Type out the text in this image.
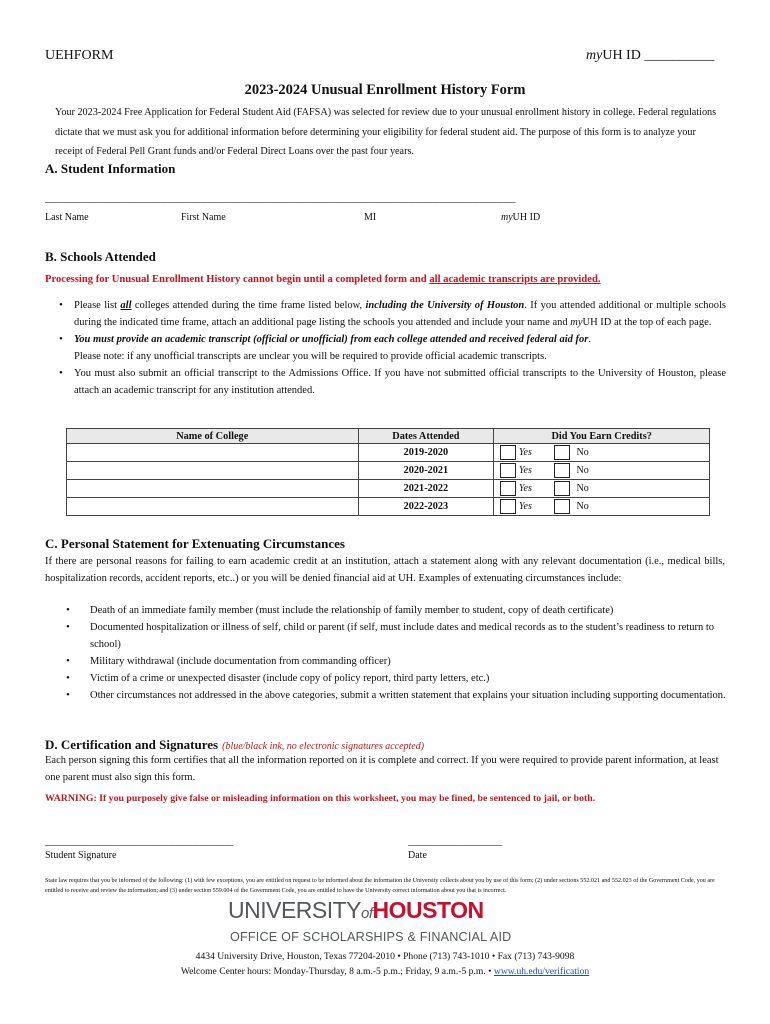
UEHFORM	myUH ID __________
2023-2024 Unusual Enrollment History Form
Your 2023-2024 Free Application for Federal Student Aid (FAFSA) was selected for review due to your unusual enrollment history in college. Federal regulations dictate that we must ask you for additional information before determining your eligibility for federal student aid. The purpose of this form is to analyze your receipt of Federal Pell Grant funds and/or Federal Direct Loans over the past four years.
A. Student Information
_______________________________________________________________________________________________
Last Name	First Name	MI	myUH ID
B. Schools Attended
Processing for Unusual Enrollment History cannot begin until a completed form and all academic transcripts are provided.
• Please list all colleges attended during the time frame listed below, including the University of Houston. If you attended additional or multiple schools during the indicated time frame, attach an additional page listing the schools you attended and include your name and myUH ID at the top of each page.
• You must provide an academic transcript (official or unofficial) from each college attended and received federal aid for.
Please note: if any unofficial transcripts are unclear you will be required to provide official academic transcripts.
• You must also submit an official transcript to the Admissions Office. If you have not submitted official transcripts to the University of Houston, please attach an academic transcript for any institution attended.
Name of College	Dates Attended	Did You Earn Credits?
	2019-2020	Yes No
	2020-2021	Yes No
	2021-2022	Yes No
	2022-2023	Yes No
C. Personal Statement for Extenuating Circumstances
If there are personal reasons for failing to earn academic credit at an institution, attach a statement along with any relevant documentation (i.e., medical bills, hospitalization records, accident reports, etc..) or you will be denied financial aid at UH. Examples of extenuating circumstances include:
• Death of an immediate family member (must include the relationship of family member to student, copy of death certificate)
• Documented hospitalization or illness of self, child or parent (if self, must include dates and medical records as to the student’s readiness to return to school)
• Military withdrawal (include documentation from commanding officer)
• Victim of a crime or unexpected disaster (include copy of policy report, third party letters, etc.)
• Other circumstances not addressed in the above categories, submit a written statement that explains your situation including supporting documentation.
D. Certification and Signatures (blue/black ink, no electronic signatures accepted)
Each person signing this form certifies that all the information reported on it is complete and correct. If you were required to provide parent information, at least one parent must also sign this form.
WARNING: If you purposely give false or misleading information on this worksheet, you may be fined, be sentenced to jail, or both.
________________________________________	____________________
Student Signature	Date
State law requires that you be informed of the following: (1) with few exceptions, you are entitled on request to be informed about the information the University collects about you by use of this form; (2) under sections 552.021 and 552.023 of the Government Code, you are entitled to receive and review the information; and (3) under section 559.004 of the Government Code, you are entitled to have the University correct information about you that is incorrect.
UNIVERSITYofHOUSTON
OFFICE OF SCHOLARSHIPS & FINANCIAL AID
4434 University Drive, Houston, Texas 77204-2010 • Phone (713) 743-1010 • Fax (713) 743-9098
Welcome Center hours: Monday-Thursday, 8 a.m.-5 p.m.; Friday, 9 a.m.-5 p.m. • www.uh.edu/verification
